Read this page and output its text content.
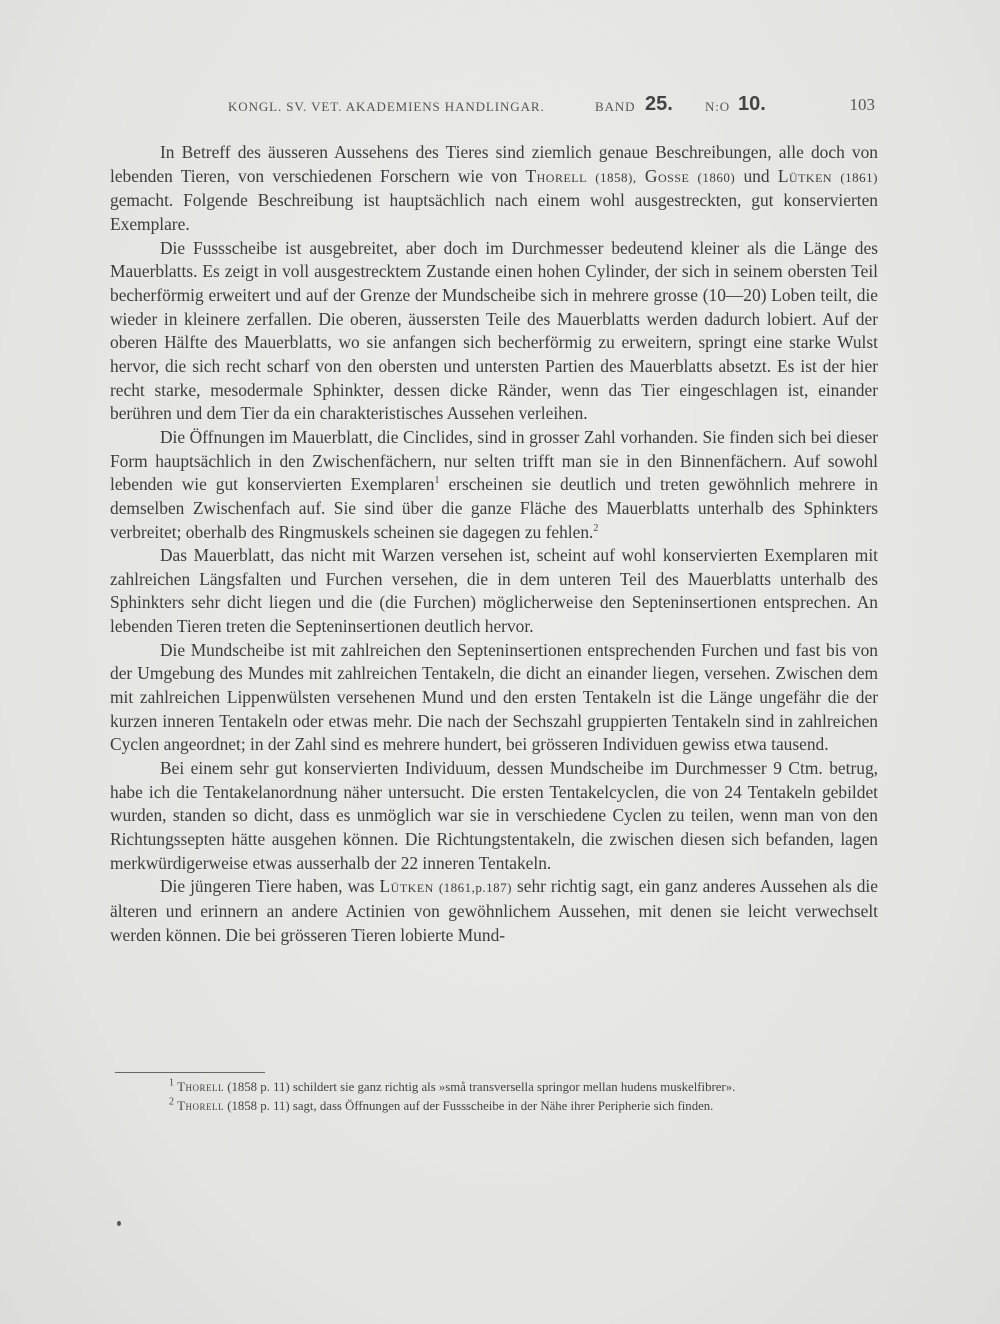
KONGL. SV. VET. AKADEMIENS HANDLINGAR.	BAND 25. N:O 10.	103

In Betreff des äusseren Aussehens des Tieres sind ziemlich genaue Beschreibungen, alle doch von lebenden Tieren, von verschiedenen Forschern wie von Thorell (1858), Gosse (1860) und Lütken (1861) gemacht. Folgende Beschreibung ist hauptsächlich nach einem wohl ausgestreckten, gut konservierten Exemplare.

Die Fussscheibe ist ausgebreitet, aber doch im Durchmesser bedeutend kleiner als die Länge des Mauerblatts. Es zeigt in voll ausgestrecktem Zustande einen hohen Cylinder, der sich in seinem obersten Teil becherförmig erweitert und auf der Grenze der Mundscheibe sich in mehrere grosse (10—20) Loben teilt, die wieder in kleinere zerfallen. Die oberen, äussersten Teile des Mauerblatts werden dadurch lobiert. Auf der oberen Hälfte des Mauerblatts, wo sie anfangen sich becherförmig zu erweitern, springt eine starke Wulst hervor, die sich recht scharf von den obersten und untersten Partien des Mauerblatts absetzt. Es ist der hier recht starke, mesodermale Sphinkter, dessen dicke Ränder, wenn das Tier eingeschlagen ist, einander berühren und dem Tier da ein charakteristisches Aussehen verleihen.

Die Öffnungen im Mauerblatt, die Cinclides, sind in grosser Zahl vorhanden. Sie finden sich bei dieser Form hauptsächlich in den Zwischenfächern, nur selten trifft man sie in den Binnenfächern. Auf sowohl lebenden wie gut konservierten Exemplaren$^1$ erscheinen sie deutlich und treten gewöhnlich mehrere in demselben Zwischenfach auf. Sie sind über die ganze Fläche des Mauerblatts unterhalb des Sphinkters verbreitet; oberhalb des Ringmuskels scheinen sie dagegen zu fehlen.$^2$

Das Mauerblatt, das nicht mit Warzen versehen ist, scheint auf wohl konservierten Exemplaren mit zahlreichen Längsfalten und Furchen versehen, die in dem unteren Teil des Mauerblatts unterhalb des Sphinkters sehr dicht liegen und die (die Furchen) möglicherweise den Septeninsertionen entsprechen. An lebenden Tieren treten die Septeninsertionen deutlich hervor.

Die Mundscheibe ist mit zahlreichen den Septeninsertionen entsprechenden Furchen und fast bis von der Umgebung des Mundes mit zahlreichen Tentakeln, die dicht an einander liegen, versehen. Zwischen dem mit zahlreichen Lippenwülsten versehenen Mund und den ersten Tentakeln ist die Länge ungefähr die der kurzen inneren Tentakeln oder etwas mehr. Die nach der Sechszahl gruppierten Tentakeln sind in zahlreichen Cyclen angeordnet; in der Zahl sind es mehrere hundert, bei grösseren Individuen gewiss etwa tausend.

Bei einem sehr gut konservierten Individuum, dessen Mundscheibe im Durchmesser 9 Ctm. betrug, habe ich die Tentakelanordnung näher untersucht. Die ersten Tentakelcyclen, die von 24 Tentakeln gebildet wurden, standen so dicht, dass es unmöglich war sie in verschiedene Cyclen zu teilen, wenn man von den Richtungssepten hätte ausgehen können. Die Richtungstentakeln, die zwischen diesen sich befanden, lagen merkwürdigerweise etwas ausserhalb der 22 inneren Tentakeln.

Die jüngeren Tiere haben, was Lütken (1861,p.187) sehr richtig sagt, ein ganz anderes Aussehen als die älteren und erinnern an andere Actinien von gewöhnlichem Aussehen, mit denen sie leicht verwechselt werden können. Die bei grösseren Tieren lobierte Mund-

$^1$ Thorell (1858 p. 11) schildert sie ganz richtig als »små transversella springor mellan hudens muskelfibrer».

$^2$ Thorell (1858 p. 11) sagt, dass Öffnungen auf der Fussscheibe in der Nähe ihrer Peripherie sich finden.
